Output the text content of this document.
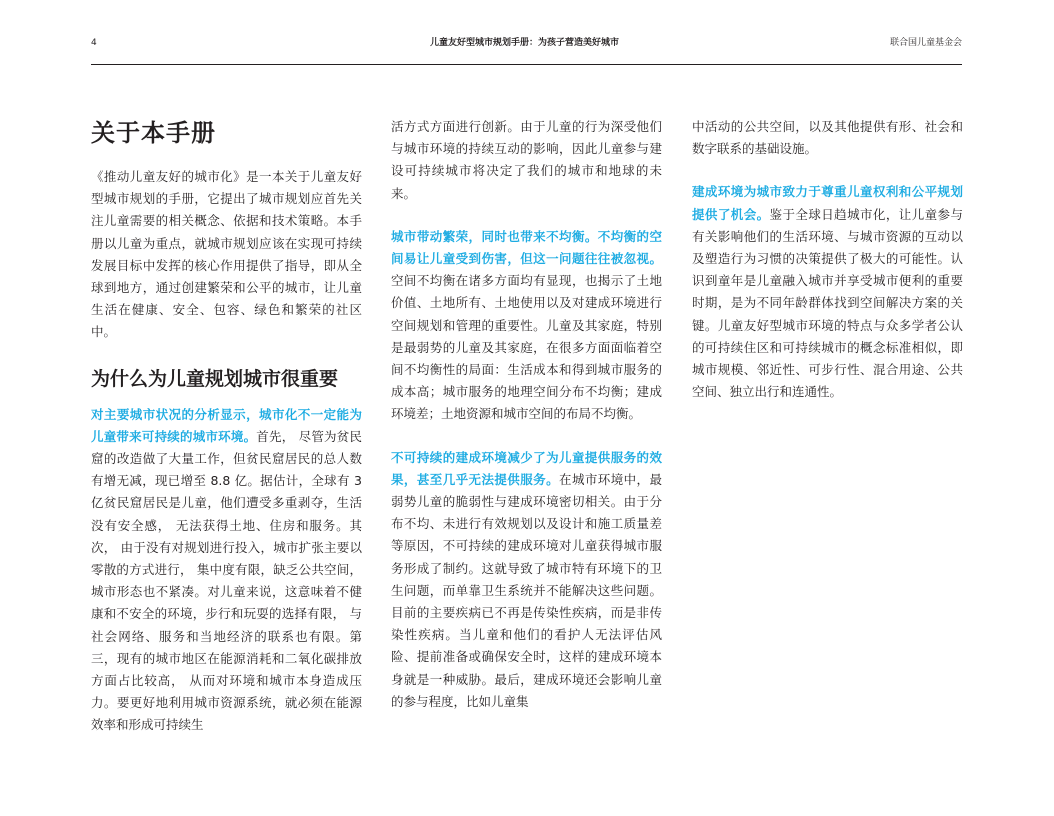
4	儿童友好型城市规划手册：为孩子营造美好城市	联合国儿童基金会
关于本手册

《推动儿童友好的城市化》是一本关于儿童友好型城市规划的手册，它提出了城市规划应首先关注儿童需要的相关概念、依据和技术策略。本手册以儿童为重点，就城市规划应该在实现可持续发展目标中发挥的核心作用提供了指导，即从全球到地方，通过创建繁荣和公平的城市，让儿童生活在健康、安全、包容、绿色和繁荣的社区中。

为什么为儿童规划城市很重要

对主要城市状况的分析显示，城市化不一定能为儿童带来可持续的城市环境。首先， 尽管为贫民窟的改造做了大量工作，但贫民窟居民的总人数有增无减，现已增至 8.8 亿。据估计，全球有 3 亿贫民窟居民是儿童，他们遭受多重剥夺，生活没有安全感， 无法获得土地、住房和服务。其次， 由于没有对规划进行投入，城市扩张主要以零散的方式进行， 集中度有限，缺乏公共空间，城市形态也不紧凑。对儿童来说，这意味着不健康和不安全的环境，步行和玩耍的选择有限， 与社会网络、服务和当地经济的联系也有限。第三，现有的城市地区在能源消耗和二氧化碳排放方面占比较高， 从而对环境和城市本身造成压力。要更好地利用城市资源系统，就必须在能源效率和形成可持续生

活方式方面进行创新。由于儿童的行为深受他们与城市环境的持续互动的影响，因此儿童参与建设可持续城市将决定了我们的城市和地球的未来。

城市带动繁荣，同时也带来不均衡。不均衡的空间易让儿童受到伤害，但这一问题往往被忽视。空间不均衡在诸多方面均有显现，也揭示了土地价值、土地所有、土地使用以及对建成环境进行空间规划和管理的重要性。儿童及其家庭，特别是最弱势的儿童及其家庭，在很多方面面临着空间不均衡性的局面：生活成本和得到城市服务的成本高；城市服务的地理空间分布不均衡；建成环境差；土地资源和城市空间的布局不均衡。

不可持续的建成环境减少了为儿童提供服务的效果，甚至几乎无法提供服务。在城市环境中，最弱势儿童的脆弱性与建成环境密切相关。由于分布不均、未进行有效规划以及设计和施工质量差等原因，不可持续的建成环境对儿童获得城市服务形成了制约。这就导致了城市特有环境下的卫生问题，而单靠卫生系统并不能解决这些问题。目前的主要疾病已不再是传染性疾病，而是非传染性疾病。当儿童和他们的看护人无法评估风险、提前准备或确保安全时，这样的建成环境本身就是一种威胁。最后，建成环境还会影响儿童的参与程度，比如儿童集

中活动的公共空间，以及其他提供有形、社会和数字联系的基础设施。

建成环境为城市致力于尊重儿童权利和公平规划提供了机会。鉴于全球日趋城市化，让儿童参与有关影响他们的生活环境、与城市资源的互动以及塑造行为习惯的决策提供了极大的可能性。认识到童年是儿童融入城市并享受城市便利的重要时期，是为不同年龄群体找到空间解决方案的关键。儿童友好型城市环境的特点与众多学者公认的可持续住区和可持续城市的概念标准相似，即城市规模、邻近性、可步行性、混合用途、公共空间、独立出行和连通性。
